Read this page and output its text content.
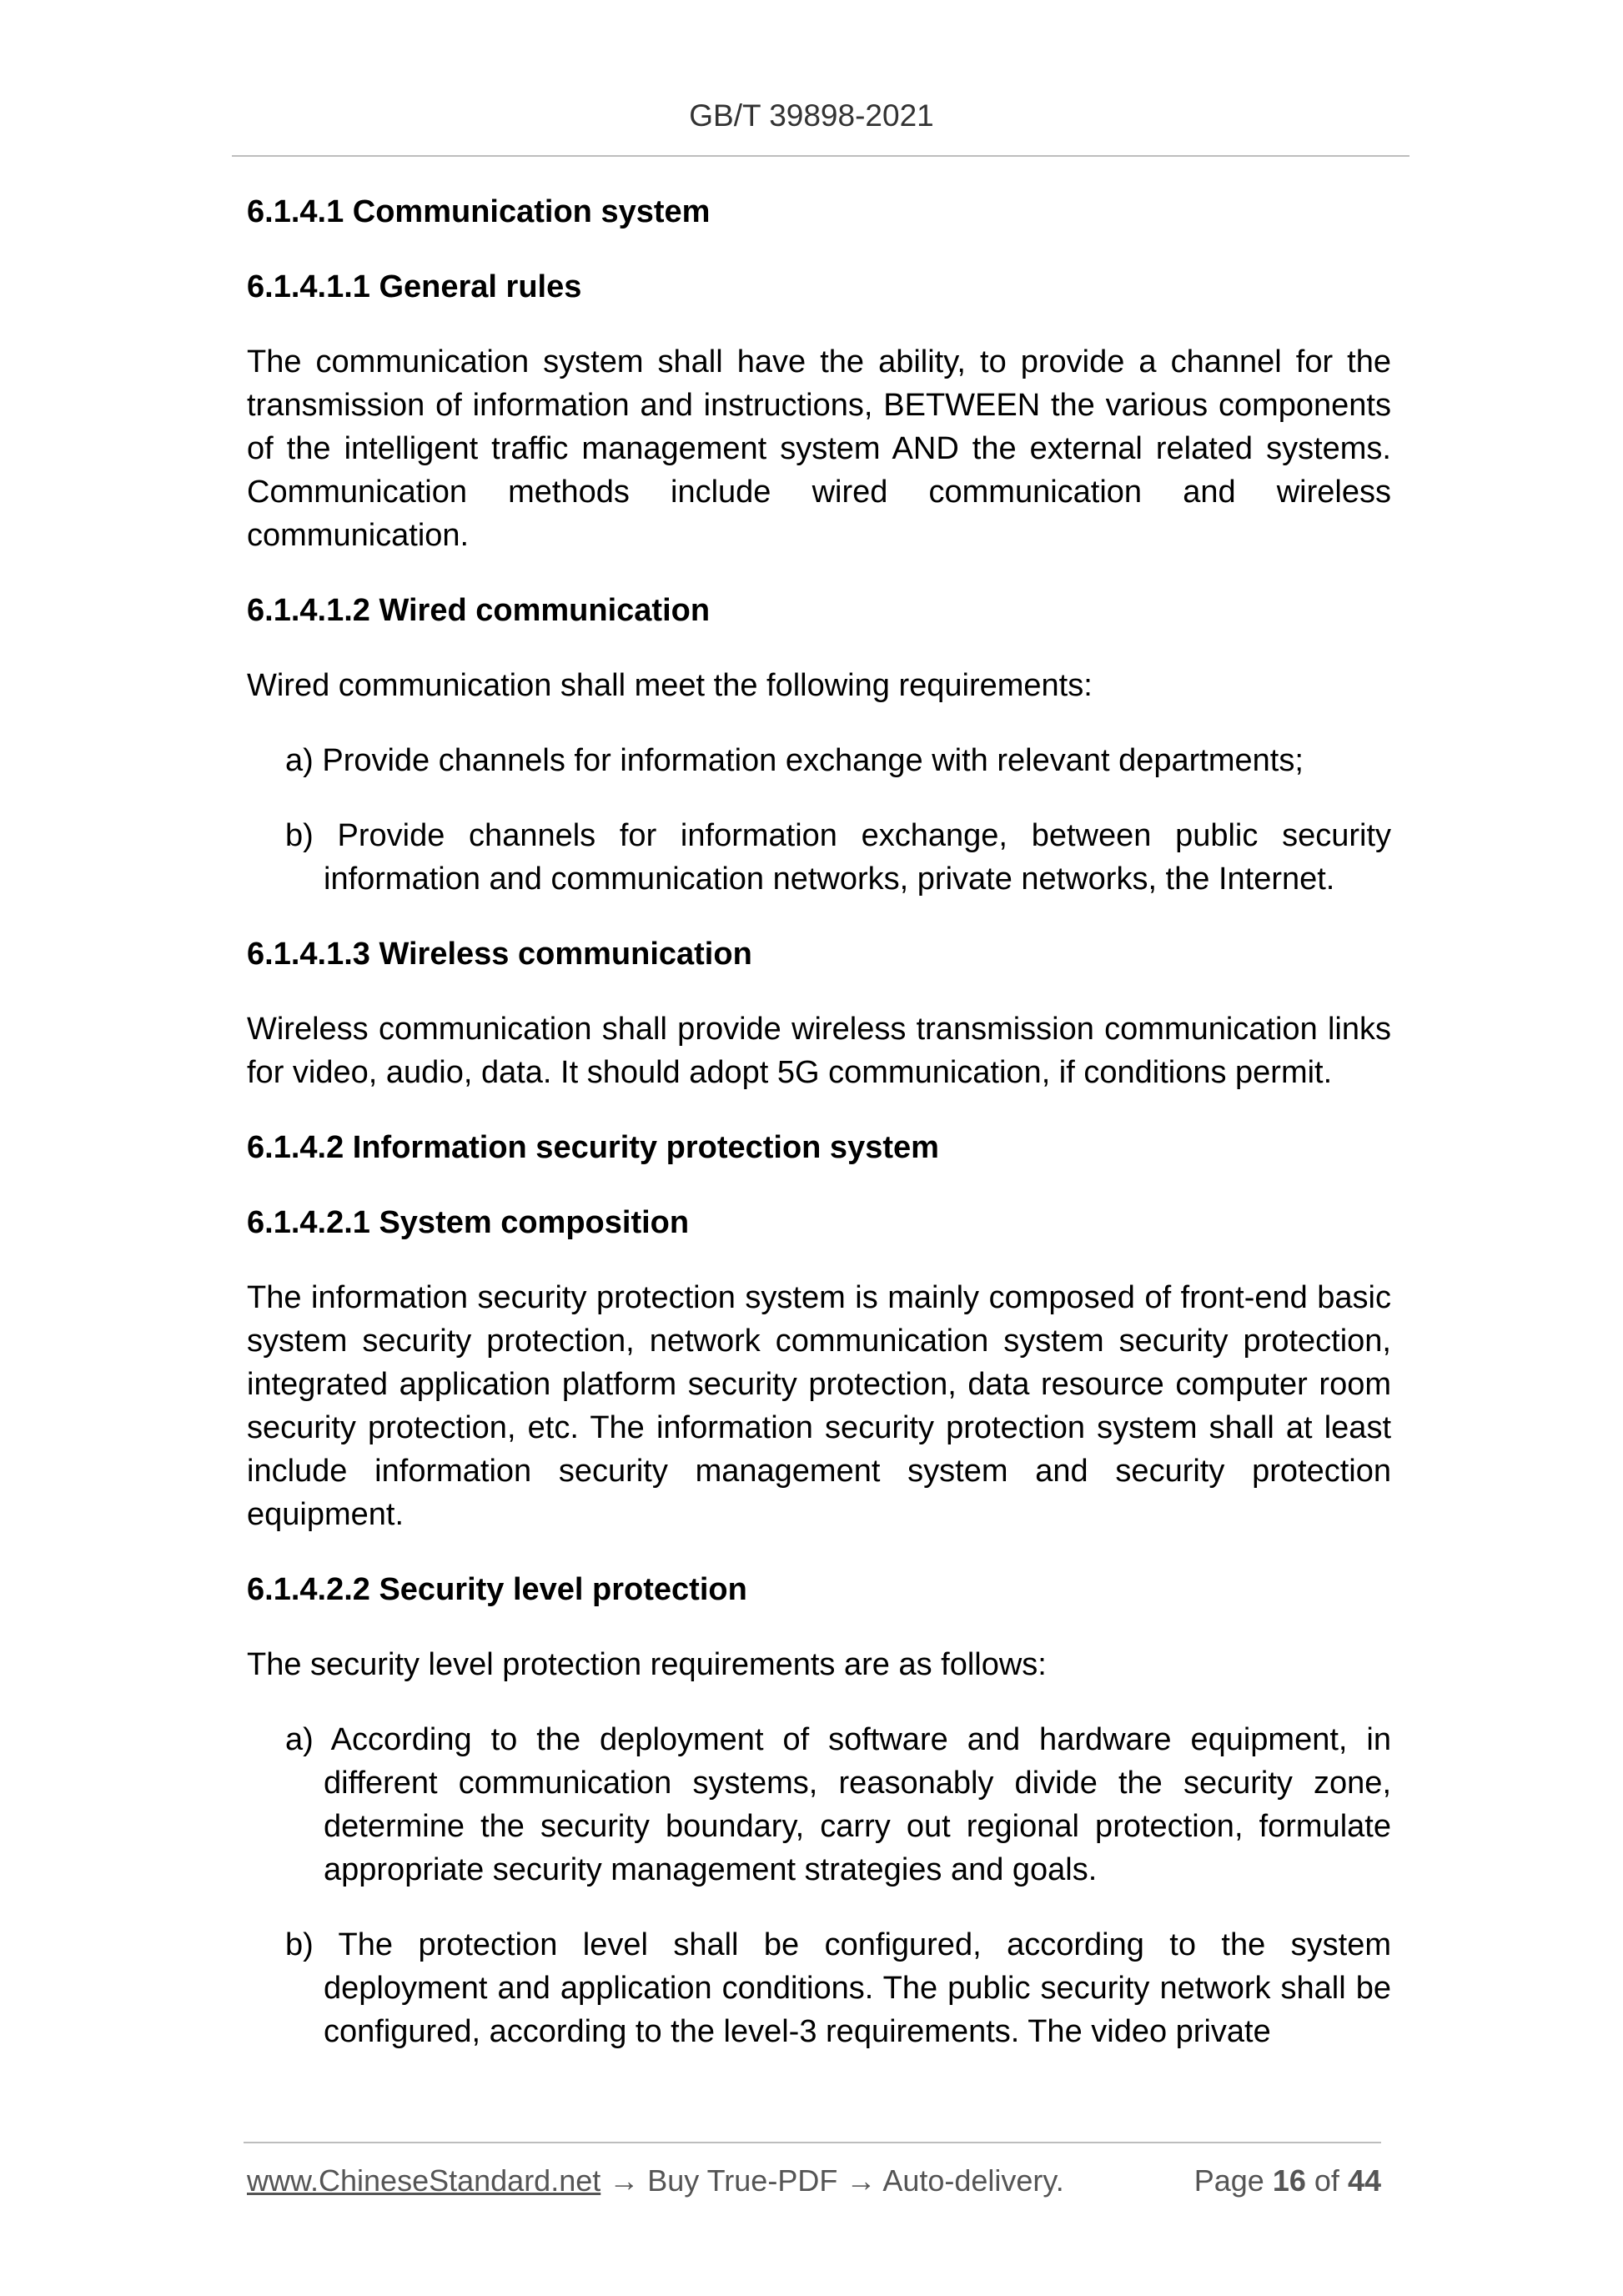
GB/T 39898-2021
6.1.4.1 Communication system
6.1.4.1.1 General rules
The communication system shall have the ability, to provide a channel for the transmission of information and instructions, BETWEEN the various components of the intelligent traffic management system AND the external related systems. Communication methods include wired communication and wireless communication.
6.1.4.1.2 Wired communication
Wired communication shall meet the following requirements:
a) Provide channels for information exchange with relevant departments;
b) Provide channels for information exchange, between public security information and communication networks, private networks, the Internet.
6.1.4.1.3 Wireless communication
Wireless communication shall provide wireless transmission communication links for video, audio, data. It should adopt 5G communication, if conditions permit.
6.1.4.2 Information security protection system
6.1.4.2.1 System composition
The information security protection system is mainly composed of front-end basic system security protection, network communication system security protection, integrated application platform security protection, data resource computer room security protection, etc. The information security protection system shall at least include information security management system and security protection equipment.
6.1.4.2.2 Security level protection
The security level protection requirements are as follows:
a) According to the deployment of software and hardware equipment, in different communication systems, reasonably divide the security zone, determine the security boundary, carry out regional protection, formulate appropriate security management strategies and goals.
b) The protection level shall be configured, according to the system deployment and application conditions. The public security network shall be configured, according to the level-3 requirements. The video private
www.ChineseStandard.net → Buy True-PDF → Auto-delivery.	Page 16 of 44
